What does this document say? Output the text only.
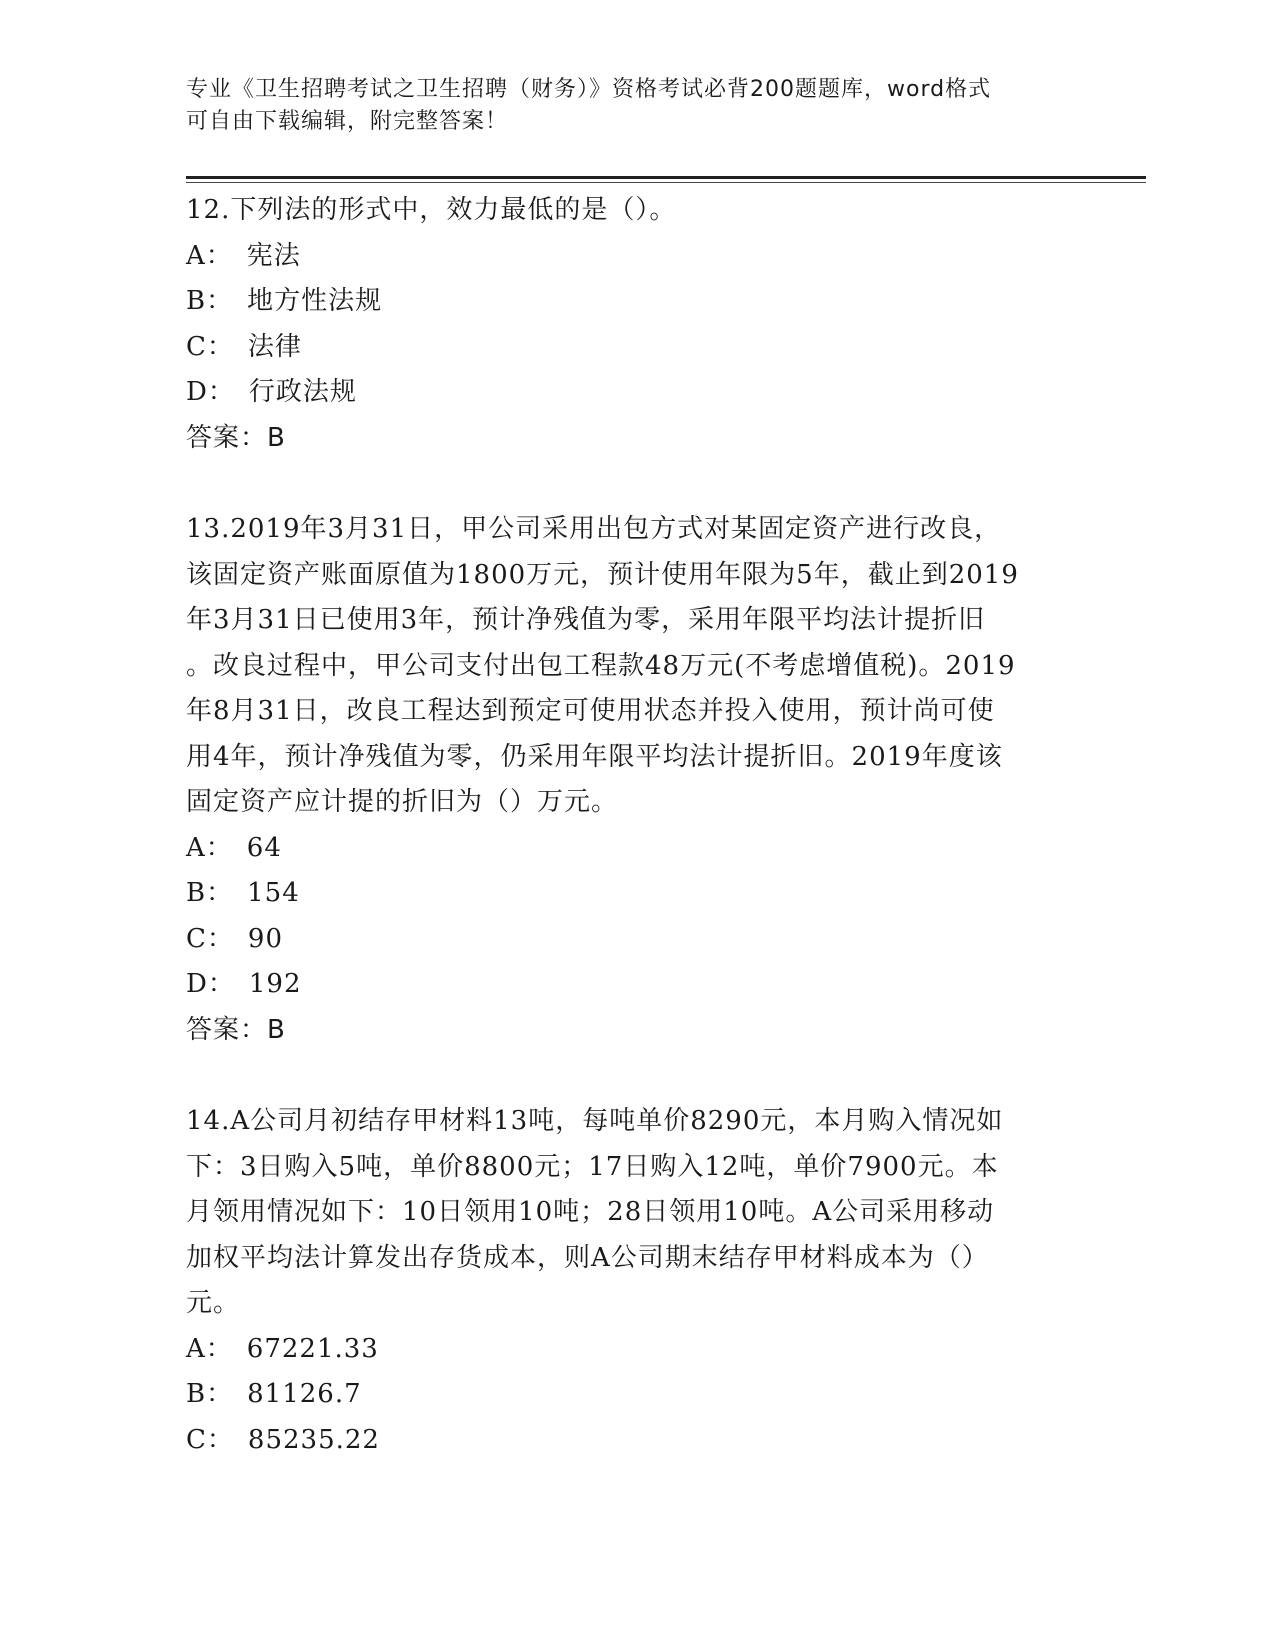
专业《卫生招聘考试之卫生招聘（财务）》资格考试必背200题题库，word格式
可自由下载编辑，附完整答案！
12.下列法的形式中，效力最低的是（）。
A： 宪法
B： 地方性法规
C： 法律
D： 行政法规
答案：B
13.2019年3月31日，甲公司采用出包方式对某固定资产进行改良，
该固定资产账面原值为1800万元，预计使用年限为5年，截止到2019
年3月31日已使用3年，预计净残值为零，采用年限平均法计提折旧
。改良过程中，甲公司支付出包工程款48万元(不考虑增值税)。2019
年8月31日，改良工程达到预定可使用状态并投入使用，预计尚可使
用4年，预计净残值为零，仍采用年限平均法计提折旧。2019年度该
固定资产应计提的折旧为（）万元。
A： 64
B： 154
C： 90
D： 192
答案：B
14.A公司月初结存甲材料13吨，每吨单价8290元，本月购入情况如
下：3日购入5吨，单价8800元；17日购入12吨，单价7900元。本
月领用情况如下：10日领用10吨；28日领用10吨。A公司采用移动
加权平均法计算发出存货成本，则A公司期末结存甲材料成本为（）
元。
A： 67221.33
B： 81126.7
C： 85235.22
